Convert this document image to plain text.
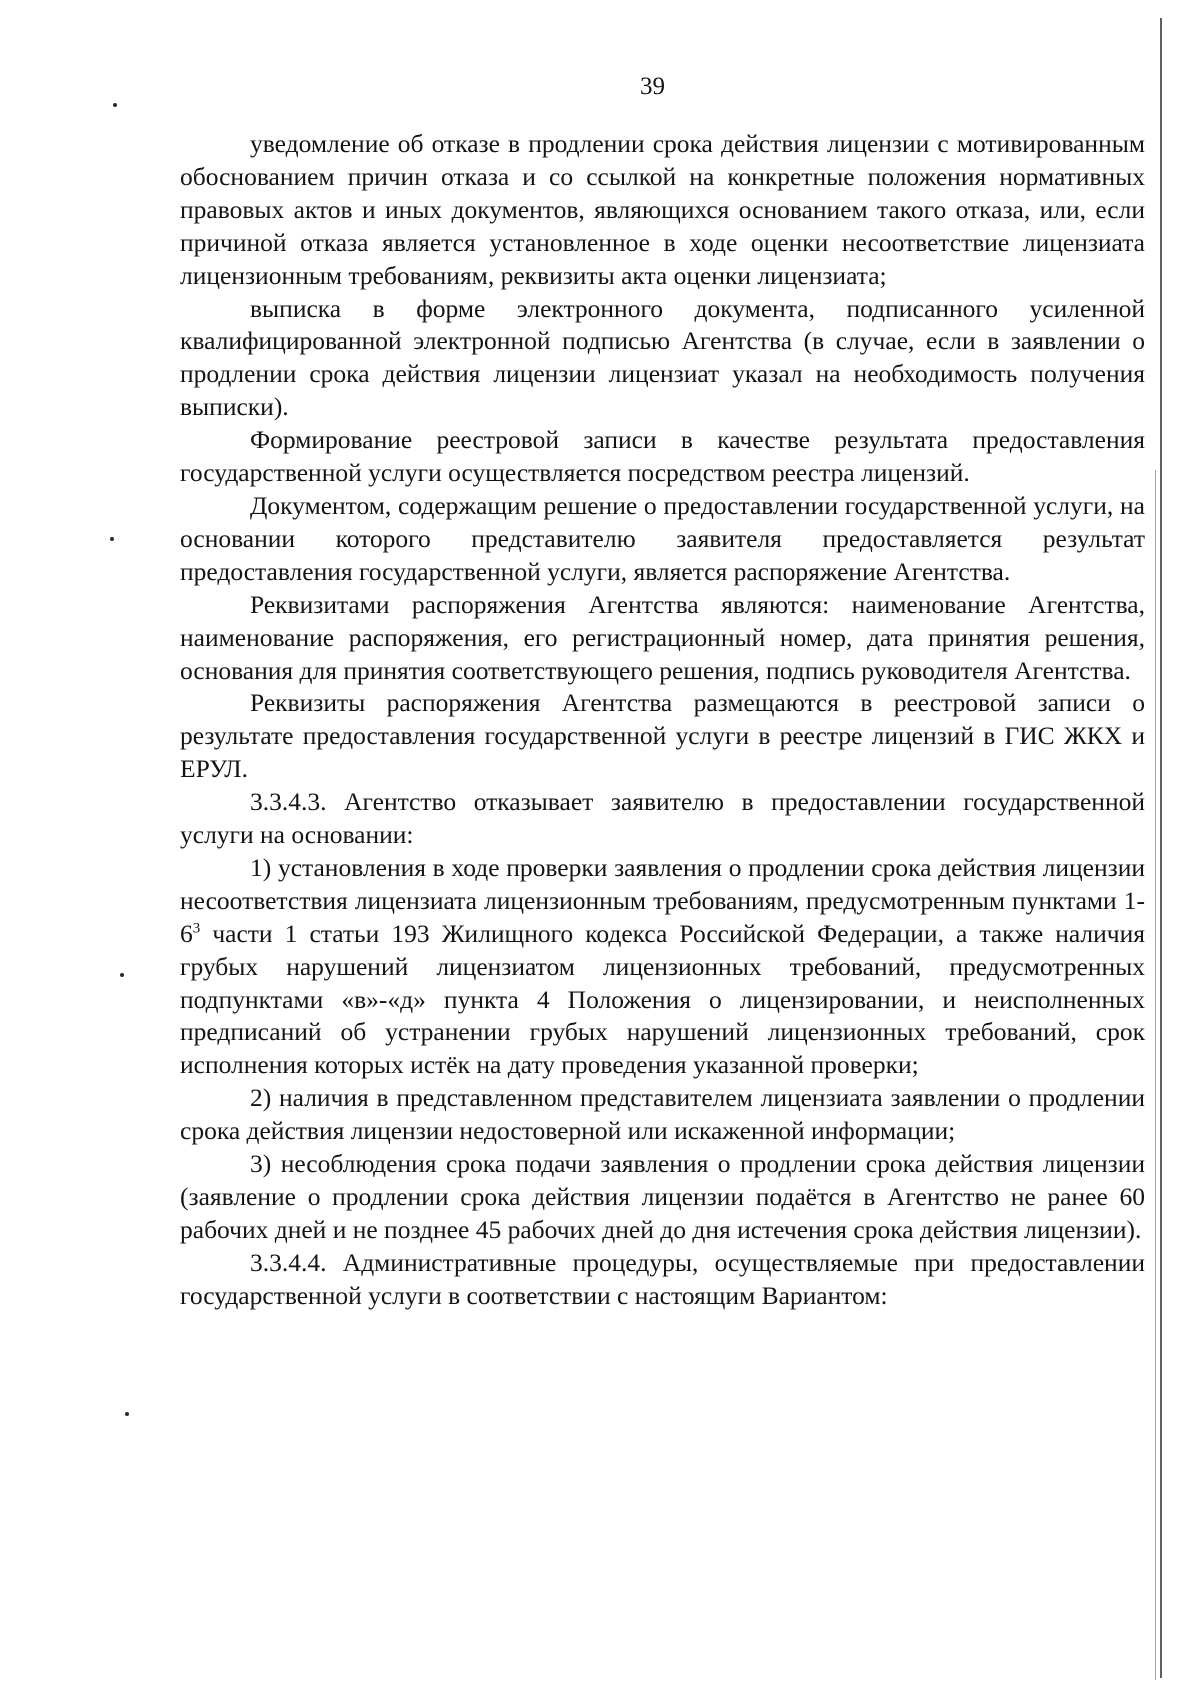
39

уведомление об отказе в продлении срока действия лицензии с мотивированным обоснованием причин отказа и со ссылкой на конкретные положения нормативных правовых актов и иных документов, являющихся основанием такого отказа, или, если причиной отказа является установленное в ходе оценки несоответствие лицензиата лицензионным требованиям, реквизиты акта оценки лицензиата;

выписка в форме электронного документа, подписанного усиленной квалифицированной электронной подписью Агентства (в случае, если в заявлении о продлении срока действия лицензии лицензиат указал на необходимость получения выписки).

Формирование реестровой записи в качестве результата предоставления государственной услуги осуществляется посредством реестра лицензий.

Документом, содержащим решение о предоставлении государственной услуги, на основании которого представителю заявителя предоставляется результат предоставления государственной услуги, является распоряжение Агентства.

Реквизитами распоряжения Агентства являются: наименование Агентства, наименование распоряжения, его регистрационный номер, дата принятия решения, основания для принятия соответствующего решения, подпись руководителя Агентства.

Реквизиты распоряжения Агентства размещаются в реестровой записи о результате предоставления государственной услуги в реестре лицензий в ГИС ЖКХ и ЕРУЛ.

3.3.4.3. Агентство отказывает заявителю в предоставлении государственной услуги на основании:

1) установления в ходе проверки заявления о продлении срока действия лицензии несоответствия лицензиата лицензионным требованиям, предусмотренным пунктами $1-6^3$ части 1 статьи 193 Жилищного кодекса Российской Федерации, а также наличия грубых нарушений лицензиатом лицензионных требований, предусмотренных подпунктами «в»-«д» пункта 4 Положения о лицензировании, и неисполненных предписаний об устранении грубых нарушений лицензионных требований, срок исполнения которых истёк на дату проведения указанной проверки;

2) наличия в представленном представителем лицензиата заявлении о продлении срока действия лицензии недостоверной или искаженной информации;

3) несоблюдения срока подачи заявления о продлении срока действия лицензии (заявление о продлении срока действия лицензии подаётся в Агентство не ранее 60 рабочих дней и не позднее 45 рабочих дней до дня истечения срока действия лицензии).

3.3.4.4. Административные процедуры, осуществляемые при предоставлении государственной услуги в соответствии с настоящим Вариантом:
